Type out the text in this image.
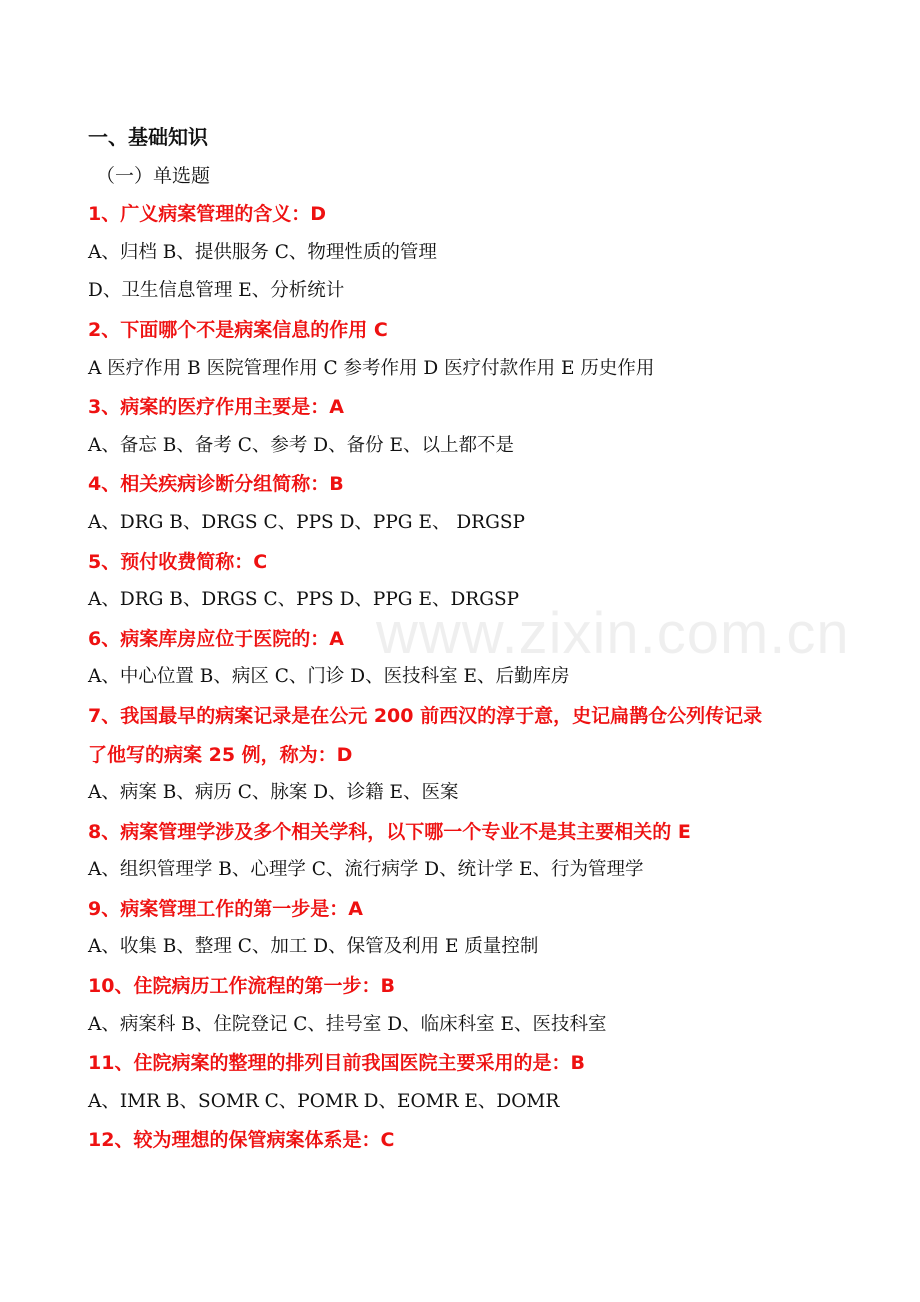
www.zixin.com.cn
一、基础知识
（一）单选题
1、广义病案管理的含义：D
A、归档 B、提供服务 C、物理性质的管理
D、卫生信息管理 E、分析统计
2、下面哪个不是病案信息的作用 C
A 医疗作用 B 医院管理作用 C 参考作用 D 医疗付款作用 E 历史作用
3、病案的医疗作用主要是：A
A、备忘 B、备考 C、参考 D、备份 E、以上都不是
4、相关疾病诊断分组简称：B
A、DRG B、DRGS C、PPS D、PPG E、 DRGSP
5、预付收费简称：C
A、DRG B、DRGS C、PPS D、PPG E、DRGSP
6、病案库房应位于医院的：A
A、中心位置 B、病区 C、门诊 D、医技科室 E、后勤库房
7、我国最早的病案记录是在公元 200 前西汉的淳于意，史记扁鹊仓公列传记录
了他写的病案 25 例，称为：D
A、病案 B、病历 C、脉案 D、诊籍 E、医案
8、病案管理学涉及多个相关学科，以下哪一个专业不是其主要相关的 E
A、组织管理学 B、心理学 C、流行病学 D、统计学 E、行为管理学
9、病案管理工作的第一步是：A
A、收集 B、整理 C、加工 D、保管及利用 E 质量控制
10、住院病历工作流程的第一步：B
A、病案科 B、住院登记 C、挂号室 D、临床科室 E、医技科室
11、住院病案的整理的排列目前我国医院主要采用的是：B
A、IMR B、SOMR C、POMR D、EOMR E、DOMR
12、较为理想的保管病案体系是：C
